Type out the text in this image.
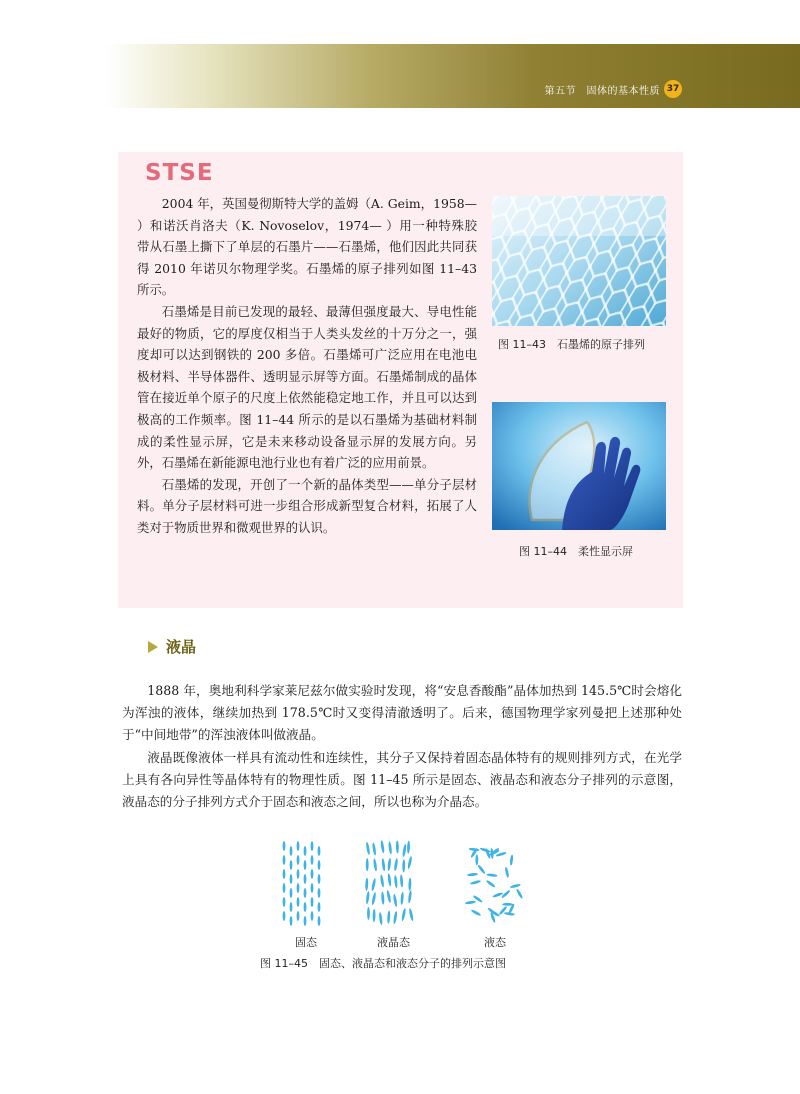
第五节　固体的基本性质 37
STSE

2004 年，英国曼彻斯特大学的盖姆（A. Geim，1958— ）和诺沃肖洛夫（K. Novoselov，1974— ）用一种特殊胶带从石墨上撕下了单层的石墨片——石墨烯，他们因此共同获得 2010 年诺贝尔物理学奖。石墨烯的原子排列如图 11–43 所示。

石墨烯是目前已发现的最轻、最薄但强度最大、导电性能最好的物质，它的厚度仅相当于人类头发丝的十万分之一，强度却可以达到钢铁的 200 多倍。石墨烯可广泛应用在电池电极材料、半导体器件、透明显示屏等方面。石墨烯制成的晶体管在接近单个原子的尺度上依然能稳定地工作，并且可以达到极高的工作频率。图 11–44 所示的是以石墨烯为基础材料制成的柔性显示屏，它是未来移动设备显示屏的发展方向。另外，石墨烯在新能源电池行业也有着广泛的应用前景。

石墨烯的发现，开创了一个新的晶体类型——单分子层材料。单分子层材料可进一步组合形成新型复合材料，拓展了人类对于物质世界和微观世界的认识。

图 11–43　石墨烯的原子排列
图 11–44　柔性显示屏
液晶

1888 年，奥地利科学家莱尼兹尔做实验时发现，将“安息香酸酯”晶体加热到 145.5℃时会熔化为浑浊的液体，继续加热到 178.5℃时又变得清澈透明了。后来，德国物理学家列曼把上述那种处于“中间地带”的浑浊液体叫做液晶。

液晶既像液体一样具有流动性和连续性，其分子又保持着固态晶体特有的规则排列方式，在光学上具有各向异性等晶体特有的物理性质。图 11–45 所示是固态、液晶态和液态分子排列的示意图，液晶态的分子排列方式介于固态和液态之间，所以也称为介晶态。

固态	液晶态	液态
图 11–45　固态、液晶态和液态分子的排列示意图
